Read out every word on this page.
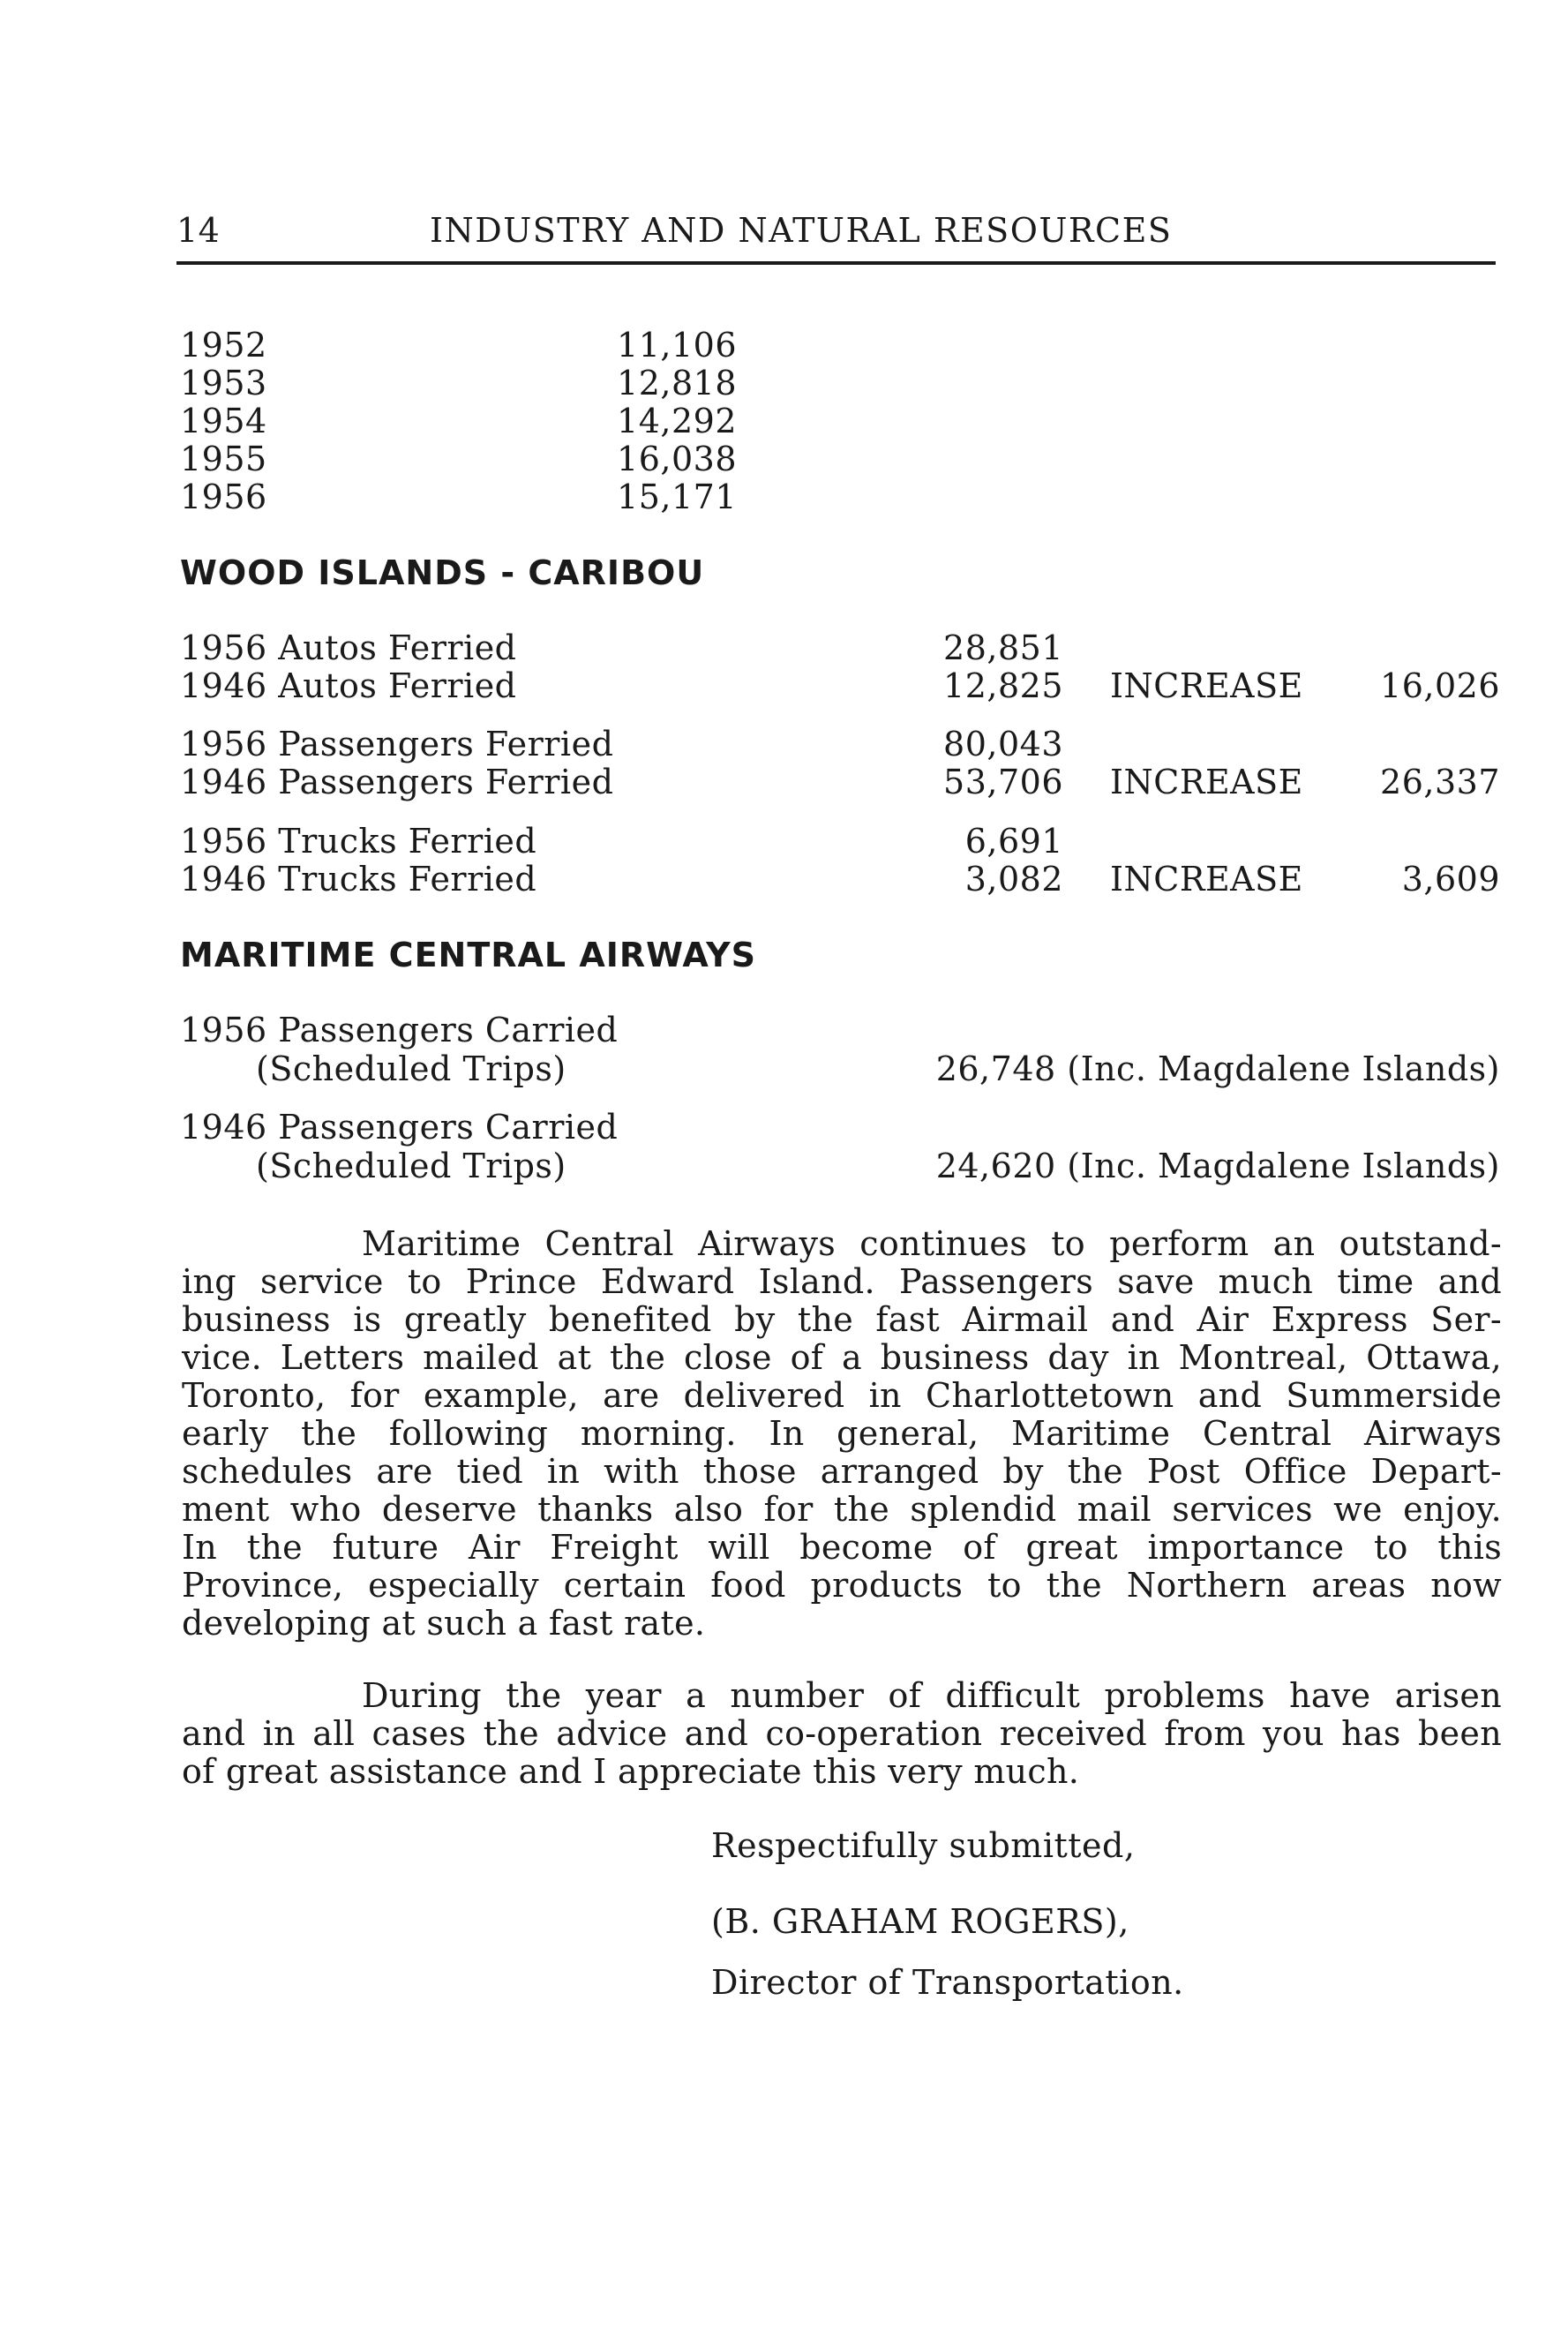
14	INDUSTRY AND NATURAL RESOURCES
1952	11,106
1953	12,818
1954	14,292
1955	16,038
1956	15,171
WOOD ISLANDS - CARIBOU
1956 Autos Ferried	28,851
1946 Autos Ferried	12,825 INCREASE	16,026
1956 Passengers Ferried	80,043
1946 Passengers Ferried	53,706 INCREASE	26,337
1956 Trucks Ferried	6,691
1946 Trucks Ferried	3,082 INCREASE	3,609
MARITIME CENTRAL AIRWAYS
1956 Passengers Carried
(Scheduled Trips)	26,748 (Inc. Magdalene Islands)
1946 Passengers Carried
(Scheduled Trips)	24,620 (Inc. Magdalene Islands)
Maritime Central Airways continues to perform an outstand-
ing service to Prince Edward Island. Passengers save much time and
business is greatly benefited by the fast Airmail and Air Express Ser-
vice. Letters mailed at the close of a business day in Montreal, Ottawa,
Toronto, for example, are delivered in Charlottetown and Summerside
early the following morning. In general, Maritime Central Airways
schedules are tied in with those arranged by the Post Office Depart-
ment who deserve thanks also for the splendid mail services we enjoy.
In the future Air Freight will become of great importance to this
Province, especially certain food products to the Northern areas now
developing at such a fast rate.
During the year a number of difficult problems have arisen
and in all cases the advice and co-operation received from you has been
of great assistance and I appreciate this very much.
Respectifully submitted,
(B. GRAHAM ROGERS),
Director of Transportation.
